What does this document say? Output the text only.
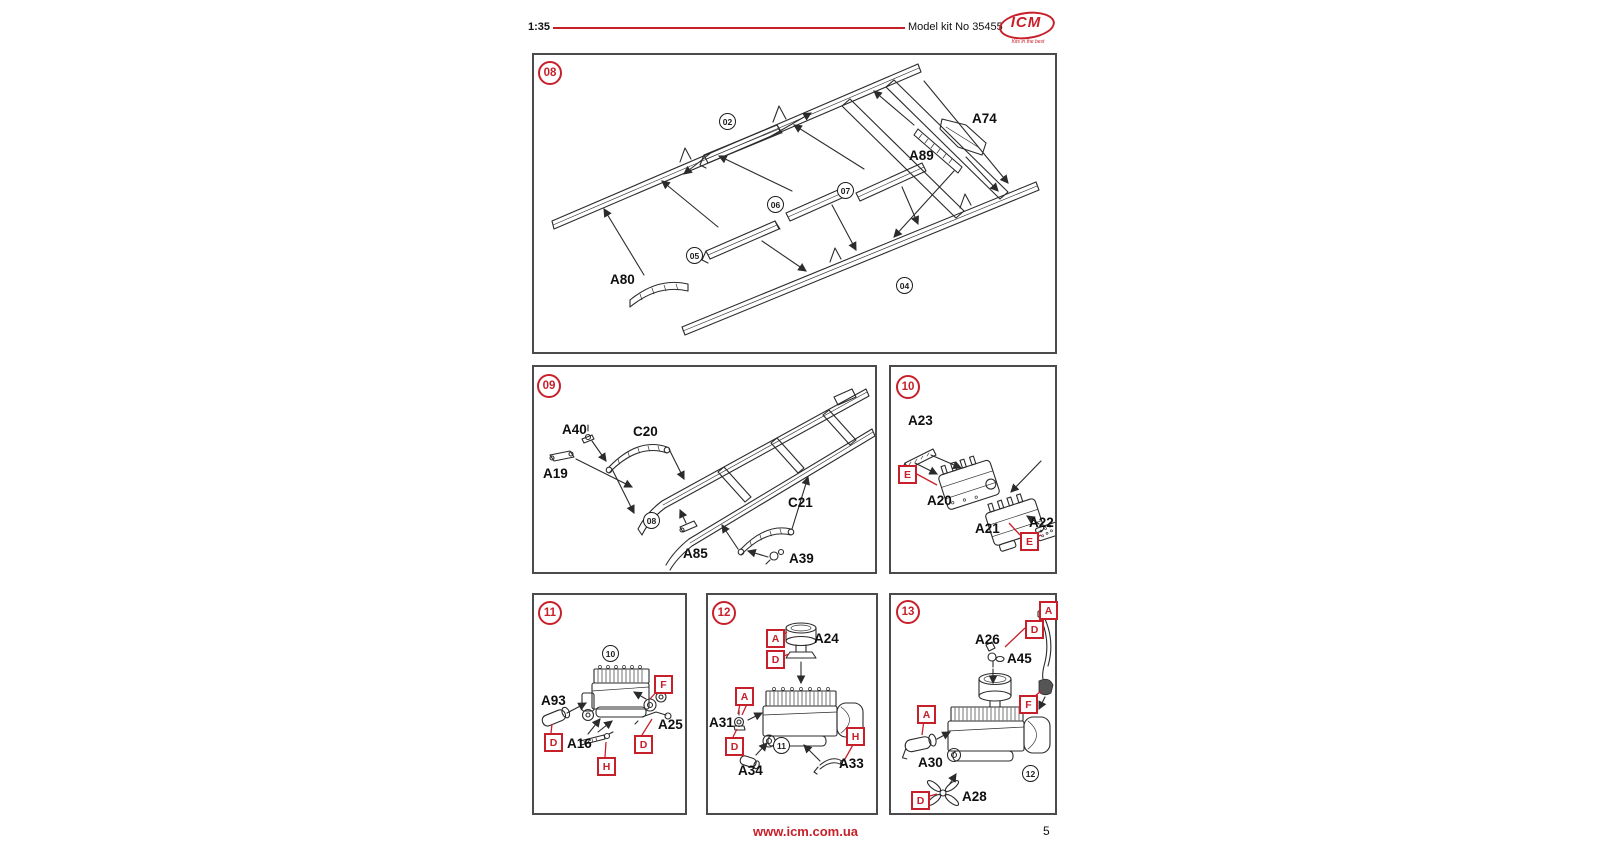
1:35	Model kit No 35455 ICM
Kits in the best
08
02
07
06
05
04
A74
A89
A80
09
08
A40	C20
A19
C21
A85	A39
10
A23
E
A20
A21
E
A22
11
10
A93
F
D A16
A25
D
H
12
A	A24
D
A
A31
D	11
A34	A33
H
13
A26
D
A
A45
F
A
A30
D	A28
12
www.icm.com.ua	5
